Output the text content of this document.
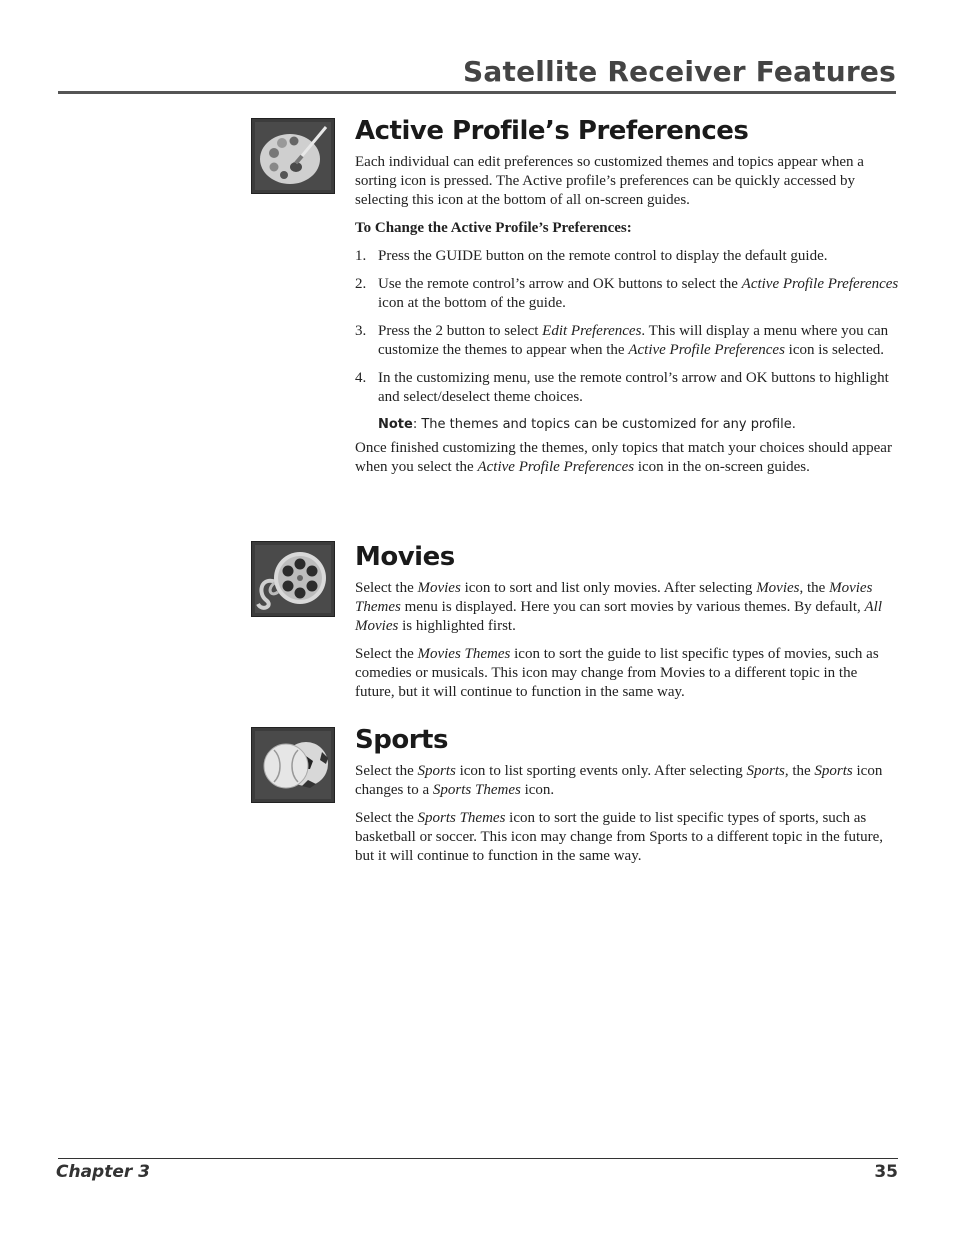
Satellite Receiver Features
Active Profile’s Preferences

Each individual can edit preferences so customized themes and topics appear when a sorting icon is pressed. The Active profile’s preferences can be quickly accessed by selecting this icon at the bottom of all on-screen guides.

To Change the Active Profile’s Preferences:

1. Press the GUIDE button on the remote control to display the default guide.
2. Use the remote control’s arrow and OK buttons to select the Active Profile Preferences icon at the bottom of the guide.
3. Press the 2 button to select Edit Preferences. This will display a menu where you can customize the themes to appear when the Active Profile Preferences icon is selected.
4. In the customizing menu, use the remote control’s arrow and OK buttons to highlight and select/deselect theme choices.
Note: The themes and topics can be customized for any profile.

Once finished customizing the themes, only topics that match your choices should appear when you select the Active Profile Preferences icon in the on-screen guides.

Movies

Select the Movies icon to sort and list only movies. After selecting Movies, the Movies Themes menu is displayed. Here you can sort movies by various themes. By default, All Movies is highlighted first.

Select the Movies Themes icon to sort the guide to list specific types of movies, such as comedies or musicals. This icon may change from Movies to a different topic in the future, but it will continue to function in the same way.

Sports

Select the Sports icon to list sporting events only. After selecting Sports, the Sports icon changes to a Sports Themes icon.

Select the Sports Themes icon to sort the guide to list specific types of sports, such as basketball or soccer. This icon may change from Sports to a different topic in the future, but it will continue to function in the same way.

Chapter 3	35
